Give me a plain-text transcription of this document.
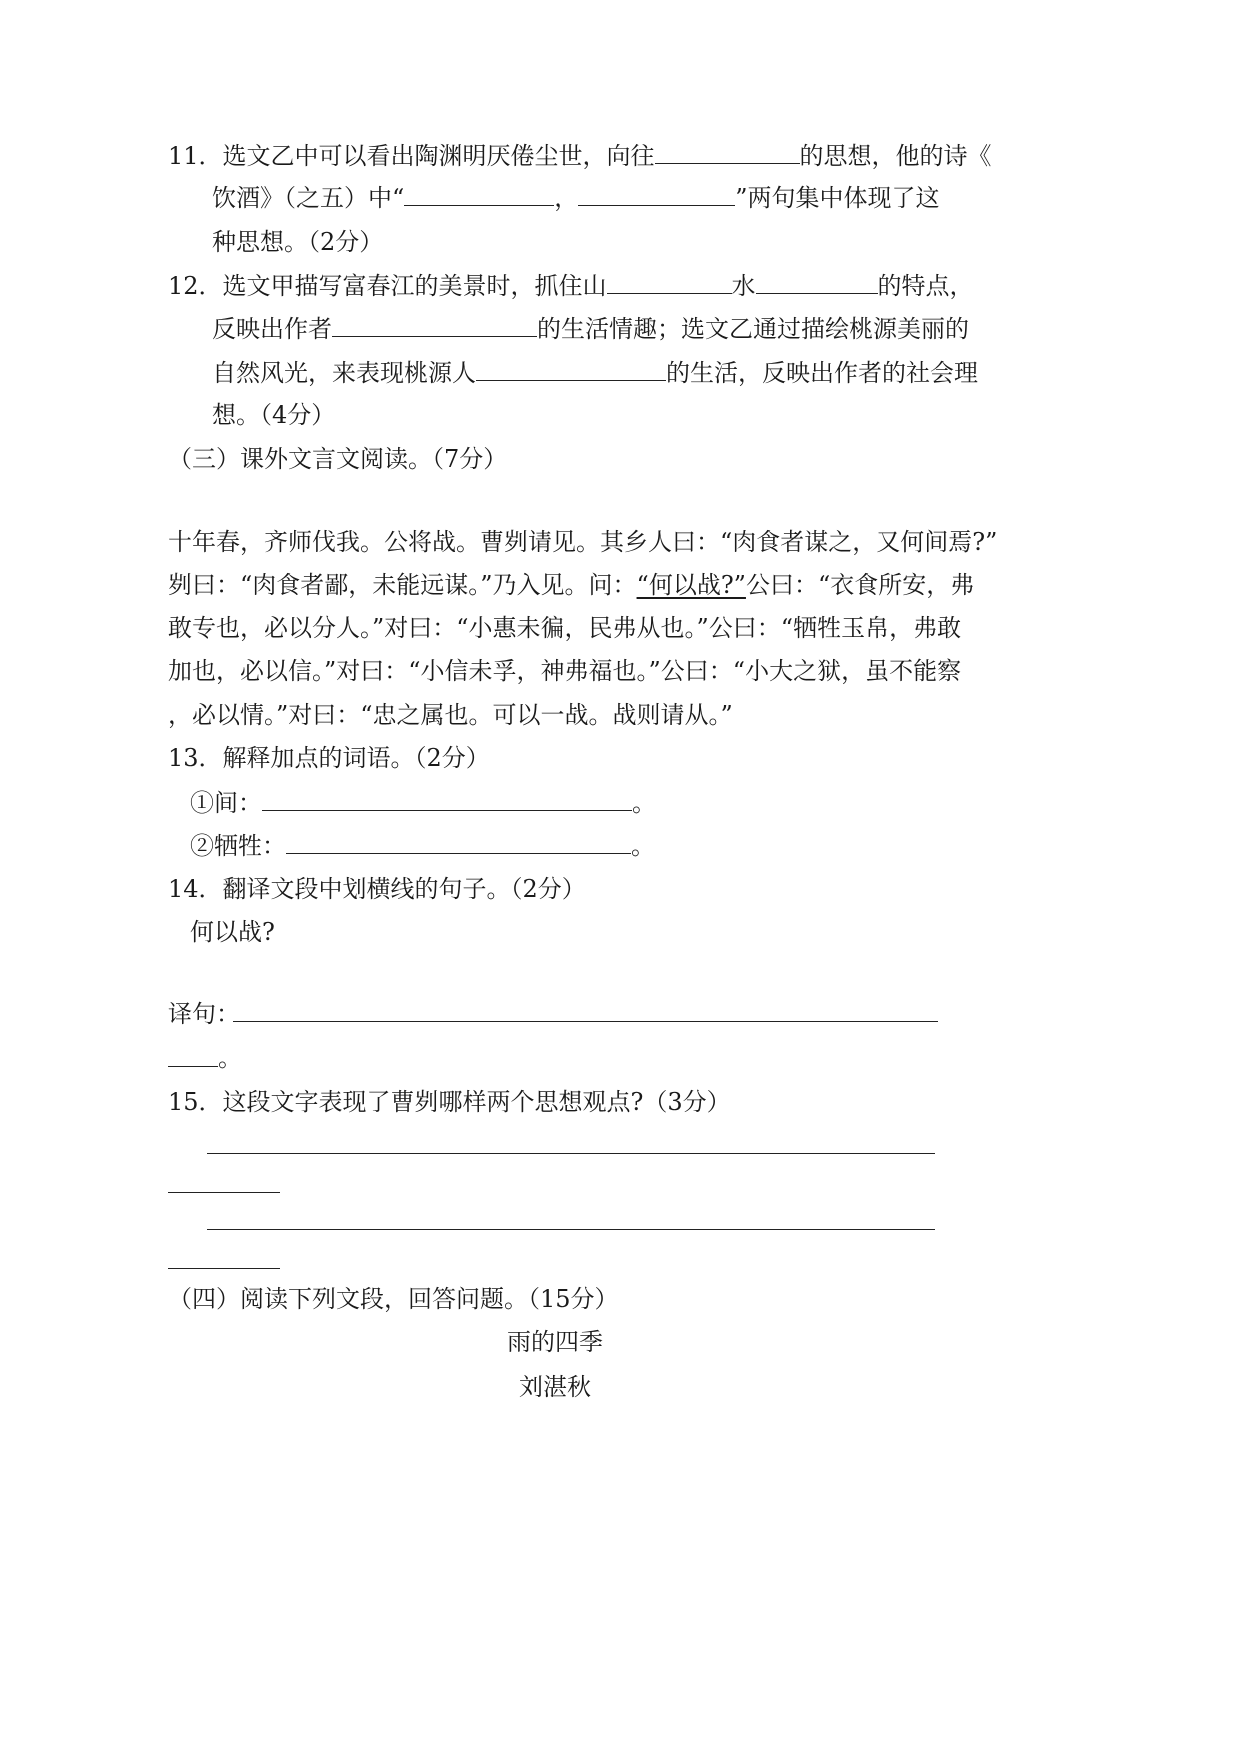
11．选文乙中可以看出陶渊明厌倦尘世，向往	的思想，他的诗《
饮酒》（之五）中“	，	”两句集中体现了这
种思想。（2分）
12．选文甲描写富春江的美景时，抓住山	水	的特点，
反映出作者	的生活情趣；选文乙通过描绘桃源美丽的
自然风光，来表现桃源人	的生活，反映出作者的社会理
想。（4分）
（三）课外文言文阅读。（7分）
十年春，齐师伐我。公将战。曹刿请见。其乡人曰：“肉食者谋之，又何间焉?”
刿曰：“肉食者鄙，未能远谋。”乃入见。问：“何以战?”公曰：“衣食所安，弗
敢专也，必以分人。”对曰：“小惠未徧，民弗从也。”公曰：“牺牲玉帛，弗敢
加也，必以信。”对曰：“小信未孚，神弗福也。”公曰：“小大之狱，虽不能察
，必以情。”对曰：“忠之属也。可以一战。战则请从。”
13．解释加点的词语。（2分）
①间：	。
②牺牲：	。
14．翻译文段中划横线的句子。（2分）
何以战?
译句：
。
15．这段文字表现了曹刿哪样两个思想观点?（3分）
（四）阅读下列文段，回答问题。（15分）
雨的四季
刘湛秋
